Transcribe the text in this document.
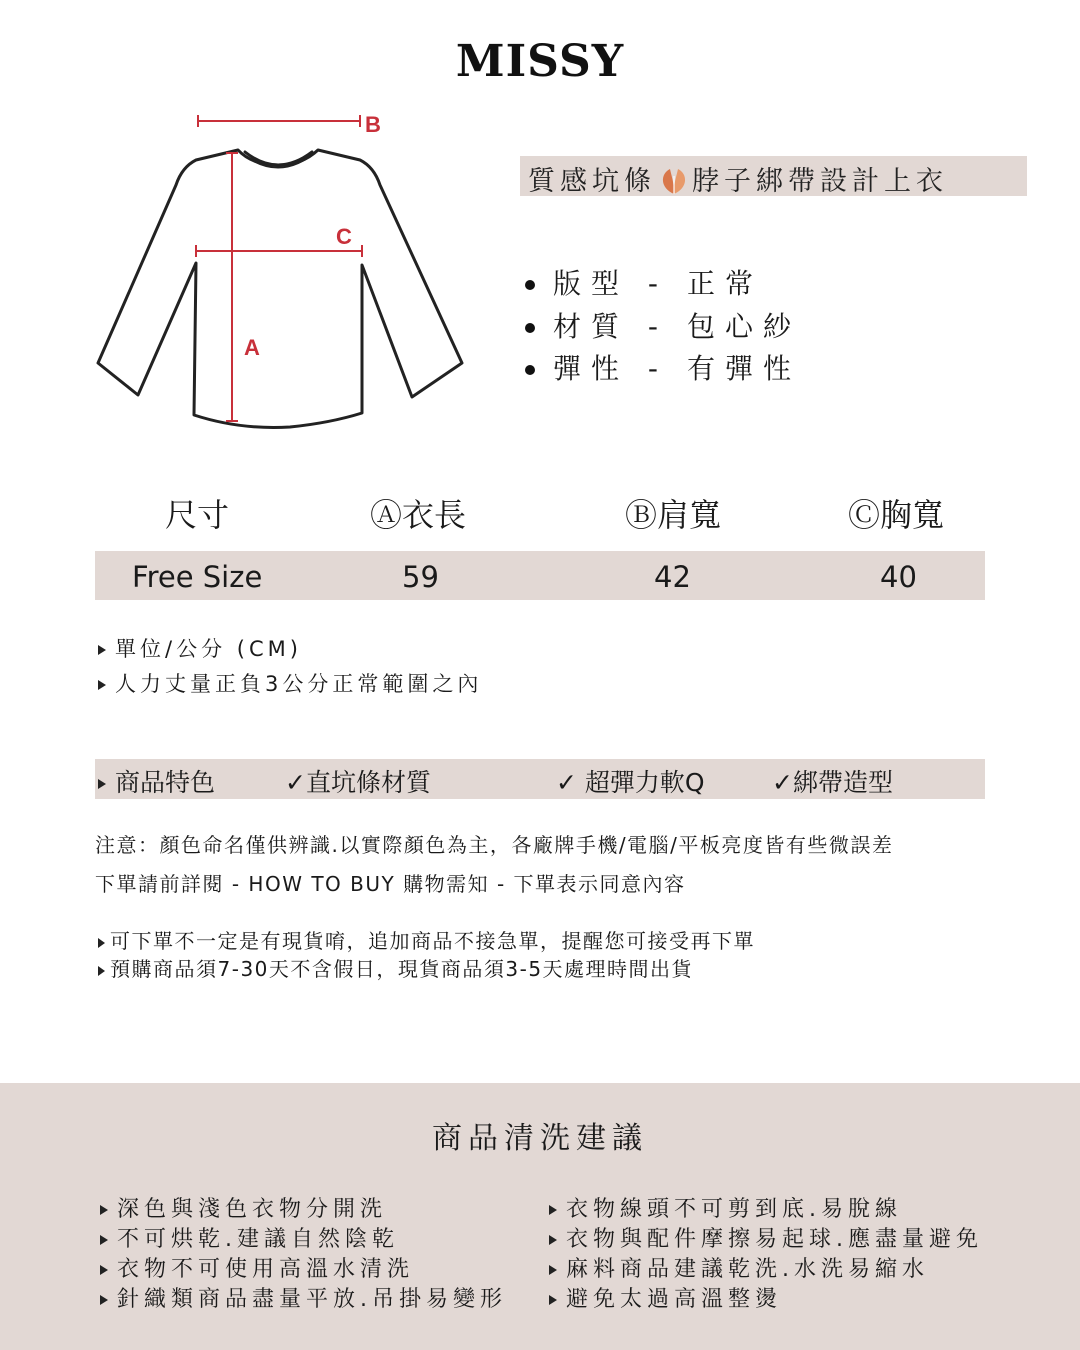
MISSY
B
C
A
質感坑條 脖子綁帶設計上衣
版型 - 正常
材質 - 包心紗
彈性 - 有彈性
尺寸	Ⓐ衣長	Ⓑ肩寬	Ⓒ胸寬
Free Size	59	42	40
單位/公分 (CM)
人力丈量正負3公分正常範圍之內
商品特色	✓直坑條材質	✓ 超彈力軟Q	✓綁帶造型
注意：顏色命名僅供辨識.以實際顏色為主，各廠牌手機/電腦/平板亮度皆有些微誤差
下單請前詳閱 - HOW TO BUY 購物需知 - 下單表示同意內容
可下單不一定是有現貨唷，追加商品不接急單，提醒您可接受再下單
預購商品須7-30天不含假日，現貨商品須3-5天處理時間出貨
商品清洗建議
深色與淺色衣物分開洗
不可烘乾.建議自然陰乾
衣物不可使用高溫水清洗
針織類商品盡量平放.吊掛易變形
衣物線頭不可剪到底.易脫線
衣物與配件摩擦易起球.應盡量避免
麻料商品建議乾洗.水洗易縮水
避免太過高溫整燙
